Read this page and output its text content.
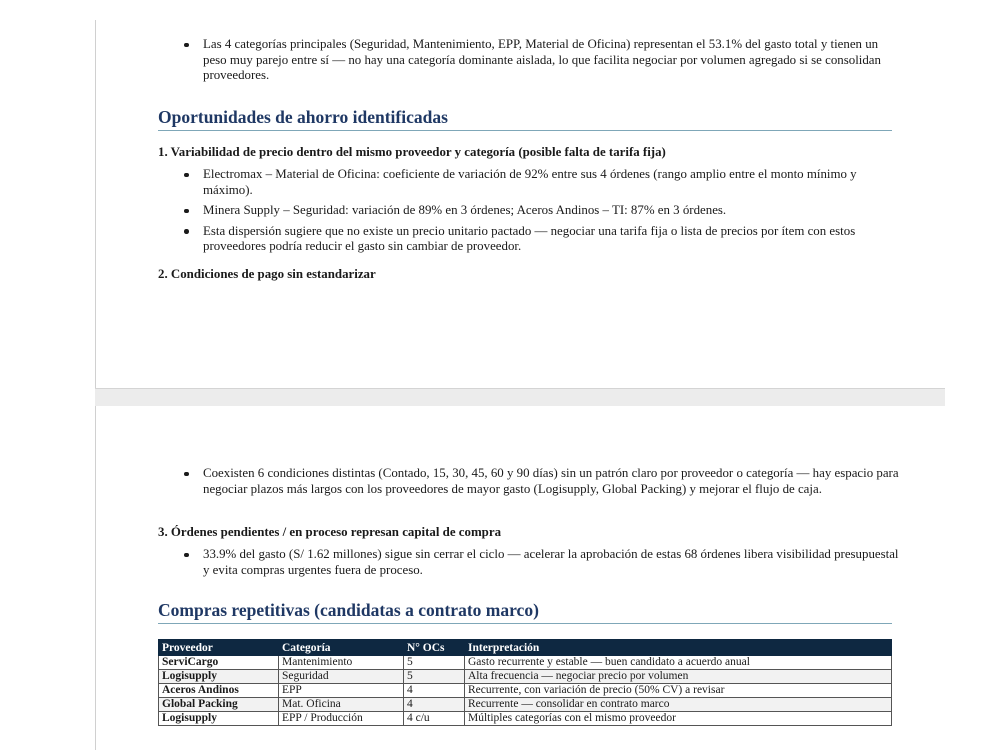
Las 4 categorías principales (Seguridad, Mantenimiento, EPP, Material de Oficina) representan el 53.1% del gasto total y tienen un peso muy parejo entre sí — no hay una categoría dominante aislada, lo que facilita negociar por volumen agregado si se consolidan proveedores.
Oportunidades de ahorro identificadas
1. Variabilidad de precio dentro del mismo proveedor y categoría (posible falta de tarifa fija)
Electromax – Material de Oficina: coeficiente de variación de 92% entre sus 4 órdenes (rango amplio entre el monto mínimo y máximo).
Minera Supply – Seguridad: variación de 89% en 3 órdenes; Aceros Andinos – TI: 87% en 3 órdenes.
Esta dispersión sugiere que no existe un precio unitario pactado — negociar una tarifa fija o lista de precios por ítem con estos proveedores podría reducir el gasto sin cambiar de proveedor.
2. Condiciones de pago sin estandarizar
Coexisten 6 condiciones distintas (Contado, 15, 30, 45, 60 y 90 días) sin un patrón claro por proveedor o categoría — hay espacio para negociar plazos más largos con los proveedores de mayor gasto (Logisupply, Global Packing) y mejorar el flujo de caja.
3. Órdenes pendientes / en proceso represan capital de compra
33.9% del gasto (S/ 1.62 millones) sigue sin cerrar el ciclo — acelerar la aprobación de estas 68 órdenes libera visibilidad presupuestal y evita compras urgentes fuera de proceso.
Compras repetitivas (candidatas a contrato marco)
Proveedor	Categoría	N° OCs	Interpretación
ServiCargo	Mantenimiento	5	Gasto recurrente y estable — buen candidato a acuerdo anual
Logisupply	Seguridad	5	Alta frecuencia — negociar precio por volumen
Aceros Andinos	EPP	4	Recurrente, con variación de precio (50% CV) a revisar
Global Packing	Mat. Oficina	4	Recurrente — consolidar en contrato marco
Logisupply	EPP / Producción	4 c/u	Múltiples categorías con el mismo proveedor
